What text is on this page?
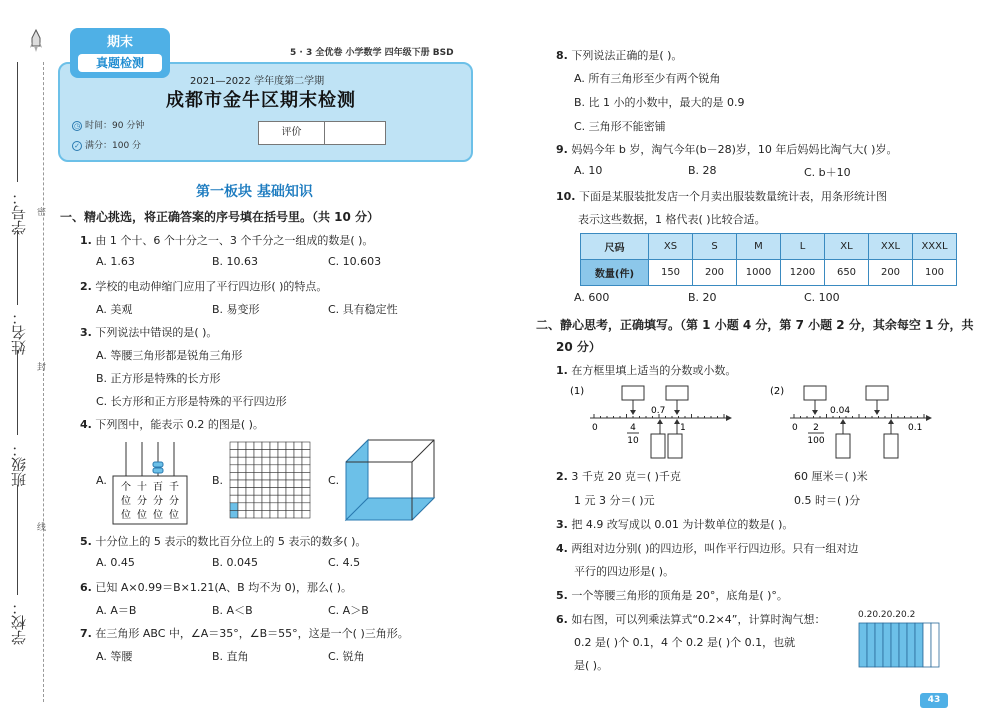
学号：
姓名：
班级：
学校：
密
封
线
期末
真题检测
5 · 3 全优卷 小学数学 四年级下册 BSD
2021—2022 学年度第二学期
成都市金牛区期末检测
◷ 时间：90 分钟
✓ 满分：100 分
评价
第一板块 基础知识
一、精心挑选，将正确答案的序号填在括号里。（共 10 分）
1. 由 1 个十、6 个十分之一、3 个千分之一组成的数是( )。
A. 1.63	B. 10.63	C. 10.603
2. 学校的电动伸缩门应用了平行四边形( )的特点。
A. 美观	B. 易变形	C. 具有稳定性
3. 下列说法中错误的是( )。
A. 等腰三角形都是锐角三角形
B. 正方形是特殊的长方形
C. 长方形和正方形是特殊的平行四边形
4. 下列图中，能表示 0.2 的图是( )。
A.	B.	C.
个 十 百 千
位 分 分 分
位 位 位 位
5. 十分位上的 5 表示的数比百分位上的 5 表示的数多( )。
A. 0.45	B. 0.045	C. 4.5
6. 已知 A×0.99＝B×1.21(A、B 均不为 0)，那么( )。
A. A＝B	B. A＜B	C. A＞B
7. 在三角形 ABC 中，∠A＝35°，∠B＝55°，这是一个( )三角形。
A. 等腰	B. 直角	C. 锐角
8. 下列说法正确的是( )。
A. 所有三角形至少有两个锐角
B. 比 1 小的小数中，最大的是 0.9
C. 三角形不能密铺
9. 妈妈今年 b 岁，淘气今年(b－28)岁，10 年后妈妈比淘气大( )岁。
A. 10	B. 28	C. b＋10
10. 下面是某服装批发店一个月卖出服装数量统计表，用条形统计图
表示这些数据，1 格代表( )比较合适。
尺码	XS	S	M	L	XL	XXL	XXXL
数量(件)	150	200	1000	1200	650	200	100
A. 600	B. 20	C. 100
二、静心思考，正确填写。（第 1 小题 4 分，第 7 小题 2 分，其余每空 1 分，共
20 分）
1. 在方框里填上适当的分数或小数。
(1)
0.7
0	4
10
1
(2)
0.04
0 2
100
0.1
2. 3 千克 20 克＝( )千克	60 厘米＝( )米
1 元 3 分＝( )元	0.5 时＝( )分
3. 把 4.9 改写成以 0.01 为计数单位的数是( )。
4. 两组对边分别( )的四边形，叫作平行四边形。只有一组对边
平行的四边形是( )。
5. 一个等腰三角形的顶角是 20°，底角是( )°。
6. 如右图，可以列乘法算式“0.2×4”，计算时淘气想：
0.2 是( )个 0.1，4 个 0.2 是( )个 0.1，也就
是( )。
0.20.20.20.2
43
